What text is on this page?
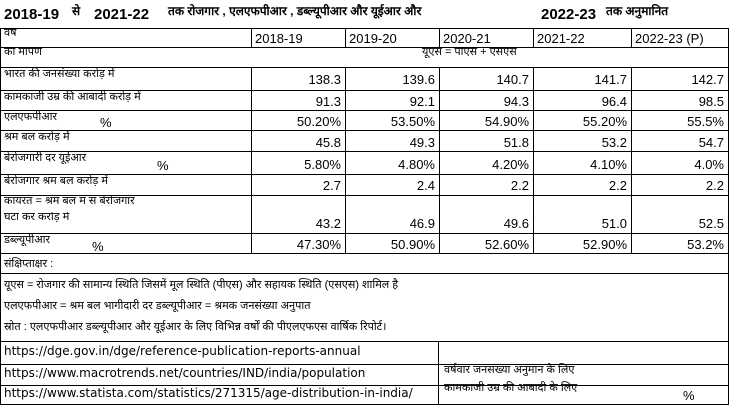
2018-19 से 2021-22 तक रोजगार , एलएफपीआर , डब्ल्यूपीआर और यूईआर और	2022-23 तक अनुमानित
वर्ष	2018-19	2019-20	2020-21	2021-22	2022-23 (P)
का मापण	यूएस = पीएस + एसएस
भारत की जनसंख्या करोड़ में	138.3	139.6	140.7	141.7	142.7
कामकाजी उम्र की आबादी करोड़ में	91.3	92.1	94.3	96.4	98.5
एलएफपीआर	%	50.20%	53.50%	54.90%	55.20%	55.5%
श्रम बल करोड़ में	45.8	49.3	51.8	53.2	54.7
बेरोजगारी दर यूईआर	%	5.80%	4.80%	4.20%	4.10%	4.0%
बेरोजगार श्रम बल करोड़ में	2.7	2.4	2.2	2.2	2.2
कायरत = श्रम बल म स बेरोजगार
घटा कर करोड़ में	43.2	46.9	49.6	51.0	52.5
डब्ल्यूपीआर	%	47.30%	50.90%	52.60%	52.90%	53.2%
संक्षिप्ताक्षर :
यूएस = रोजगार की सामान्य स्थिति जिसमें मूल स्थिति (पीएस) और सहायक स्थिति (एसएस) शामिल है
एलएफपीआर = श्रम बल भागीदारी दर डब्ल्यूपीआर = श्रमक जनसंख्या अनुपात
स्रोत : एलएफपीआर डब्ल्यूपीआर और यूईआर के लिए विभिन्न वर्षों की पीएलएफएस वार्षिक रिपोर्ट।
https://dge.gov.in/dge/reference-publication-reports-annual
https://www.macrotrends.net/countries/IND/india/population
https://www.statista.com/statistics/271315/age-distribution-in-india/
वर्षवार जनसंख्या अनुमान के लिए
कामकाजी उम्र की आबादी के लिए	%
